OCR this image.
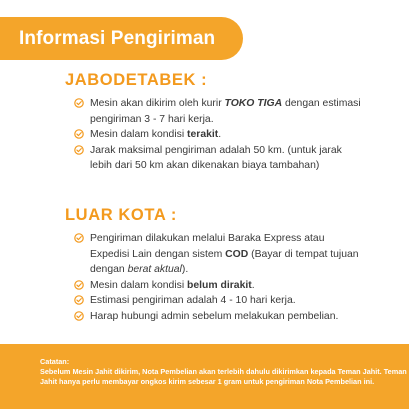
Informasi Pengiriman
JABODETABEK :
Mesin akan dikirim oleh kurir TOKO TIGA dengan estimasi pengiriman 3 - 7 hari kerja.
Mesin dalam kondisi terakit.
Jarak maksimal pengiriman adalah 50 km. (untuk jarak lebih dari 50 km akan dikenakan biaya tambahan)
LUAR KOTA :
Pengiriman dilakukan melalui Baraka Express atau Expedisi Lain dengan sistem COD (Bayar di tempat tujuan dengan berat aktual).
Mesin dalam kondisi belum dirakit.
Estimasi pengiriman adalah 4 - 10 hari kerja.
Harap hubungi admin sebelum melakukan pembelian.
Catatan:
Sebelum Mesin Jahit dikirim, Nota Pembelian akan terlebih dahulu dikirimkan kepada Teman Jahit. Teman Jahit hanya perlu membayar ongkos kirim sebesar 1 gram untuk pengiriman Nota Pembelian ini.
